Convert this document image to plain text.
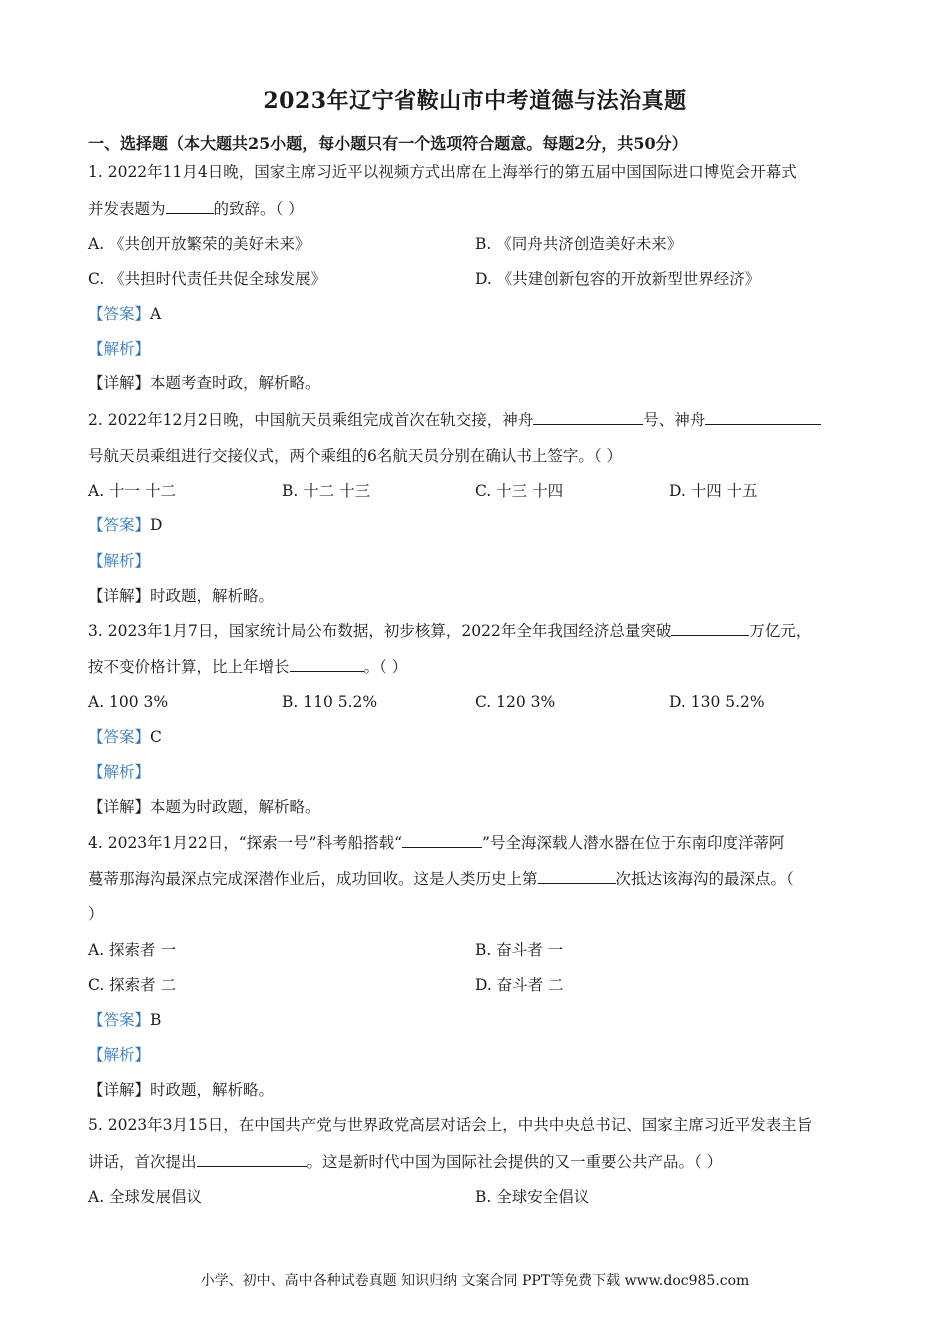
2023年辽宁省鞍山市中考道德与法治真题
一、选择题（本大题共25小题，每小题只有一个选项符合题意。每题2分，共50分）
1. 2022年11月4日晚，国家主席习近平以视频方式出席在上海举行的第五届中国国际进口博览会开幕式
并发表题为	的致辞。（ ）
A. 《共创开放繁荣的美好未来》	B. 《同舟共济创造美好未来》
C. 《共担时代责任共促全球发展》	D. 《共建创新包容的开放新型世界经济》
【答案】A
【解析】
【详解】本题考查时政，解析略。
2. 2022年12月2日晚，中国航天员乘组完成首次在轨交接，神舟	号、神舟
号航天员乘组进行交接仪式，两个乘组的6名航天员分别在确认书上签字。（ ）
A. 十一 十二	B. 十二 十三	C. 十三 十四	D. 十四 十五
【答案】D
【解析】
【详解】时政题，解析略。
3. 2023年1月7日，国家统计局公布数据，初步核算，2022年全年我国经济总量突破	万亿元，
按不变价格计算，比上年增长	。（ ）
A. 100 3%	B. 110 5.2%	C. 120 3%	D. 130 5.2%
【答案】C
【解析】
【详解】本题为时政题，解析略。
4. 2023年1月22日，“探索一号”科考船搭载“	”号全海深载人潜水器在位于东南印度洋蒂阿
蔓蒂那海沟最深点完成深潜作业后，成功回收。这是人类历史上第	次抵达该海沟的最深点。（
）
A. 探索者 一	B. 奋斗者 一
C. 探索者 二	D. 奋斗者 二
【答案】B
【解析】
【详解】时政题，解析略。
5. 2023年3月15日，在中国共产党与世界政党高层对话会上，中共中央总书记、国家主席习近平发表主旨
讲话，首次提出	。这是新时代中国为国际社会提供的又一重要公共产品。（ ）
A. 全球发展倡议	B. 全球安全倡议
小学、初中、高中各种试卷真题 知识归纳 文案合同 PPT等免费下载 www.doc985.com
